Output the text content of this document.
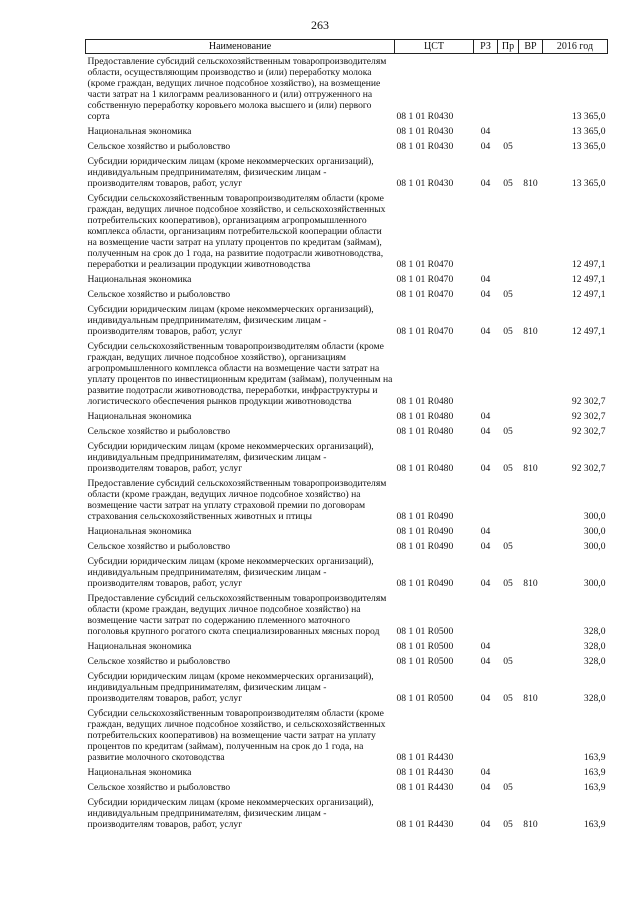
263
Наименование	ЦСТ	РЗ	Пр	ВР	2016 год
Предоставление субсидий сельскохозяйственным товаропроизводителям области, осуществляющим производство и (или) переработку молока (кроме граждан, ведущих личное подсобное хозяйство), на возмещение части затрат на 1 килограмм реализованного и (или) отгруженного на собственную переработку коровьего молока высшего и (или) первого сорта	08 1 01 R0430				13 365,0
Национальная экономика	08 1 01 R0430	04			13 365,0
Сельское хозяйство и рыболовство	08 1 01 R0430	04	05		13 365,0
Субсидии юридическим лицам (кроме некоммерческих организаций), индивидуальным предпринимателям, физическим лицам - производителям товаров, работ, услуг	08 1 01 R0430	04	05	810	13 365,0
Субсидии сельскохозяйственным товаропроизводителям области (кроме граждан, ведущих личное подсобное хозяйство, и сельскохозяйственных потребительских кооперативов), организациям агропромышленного комплекса области, организациям потребительской кооперации области на возмещение части затрат на уплату процентов по кредитам (займам), полученным на срок до 1 года, на развитие подотрасли животноводства, переработки и реализации продукции животноводства	08 1 01 R0470				12 497,1
Национальная экономика	08 1 01 R0470	04			12 497,1
Сельское хозяйство и рыболовство	08 1 01 R0470	04	05		12 497,1
Субсидии юридическим лицам (кроме некоммерческих организаций), индивидуальным предпринимателям, физическим лицам - производителям товаров, работ, услуг	08 1 01 R0470	04	05	810	12 497,1
Субсидии сельскохозяйственным товаропроизводителям области (кроме граждан, ведущих личное подсобное хозяйство), организациям агропромышленного комплекса области на возмещение части затрат на уплату процентов по инвестиционным кредитам (займам), полученным на развитие подотрасли животноводства, переработки, инфраструктуры и логистического обеспечения рынков продукции животноводства	08 1 01 R0480				92 302,7
Национальная экономика	08 1 01 R0480	04			92 302,7
Сельское хозяйство и рыболовство	08 1 01 R0480	04	05		92 302,7
Субсидии юридическим лицам (кроме некоммерческих организаций), индивидуальным предпринимателям, физическим лицам - производителям товаров, работ, услуг	08 1 01 R0480	04	05	810	92 302,7
Предоставление субсидий сельскохозяйственным товаропроизводителям области (кроме граждан, ведущих личное подсобное хозяйство) на возмещение части затрат на уплату страховой премии по договорам страхования сельскохозяйственных животных и птицы	08 1 01 R0490				300,0
Национальная экономика	08 1 01 R0490	04			300,0
Сельское хозяйство и рыболовство	08 1 01 R0490	04	05		300,0
Субсидии юридическим лицам (кроме некоммерческих организаций), индивидуальным предпринимателям, физическим лицам - производителям товаров, работ, услуг	08 1 01 R0490	04	05	810	300,0
Предоставление субсидий сельскохозяйственным товаропроизводителям области (кроме граждан, ведущих личное подсобное хозяйство) на возмещение части затрат по содержанию племенного маточного поголовья крупного рогатого скота специализированных мясных пород	08 1 01 R0500				328,0
Национальная экономика	08 1 01 R0500	04			328,0
Сельское хозяйство и рыболовство	08 1 01 R0500	04	05		328,0
Субсидии юридическим лицам (кроме некоммерческих организаций), индивидуальным предпринимателям, физическим лицам - производителям товаров, работ, услуг	08 1 01 R0500	04	05	810	328,0
Субсидии сельскохозяйственным товаропроизводителям области (кроме граждан, ведущих личное подсобное хозяйство, и сельскохозяйственных потребительских кооперативов) на возмещение части затрат на уплату процентов по кредитам (займам), полученным на срок до 1 года, на развитие молочного скотоводства	08 1 01 R4430				163,9
Национальная экономика	08 1 01 R4430	04			163,9
Сельское хозяйство и рыболовство	08 1 01 R4430	04	05		163,9
Субсидии юридическим лицам (кроме некоммерческих организаций), индивидуальным предпринимателям, физическим лицам - производителям товаров, работ, услуг	08 1 01 R4430	04	05	810	163,9
